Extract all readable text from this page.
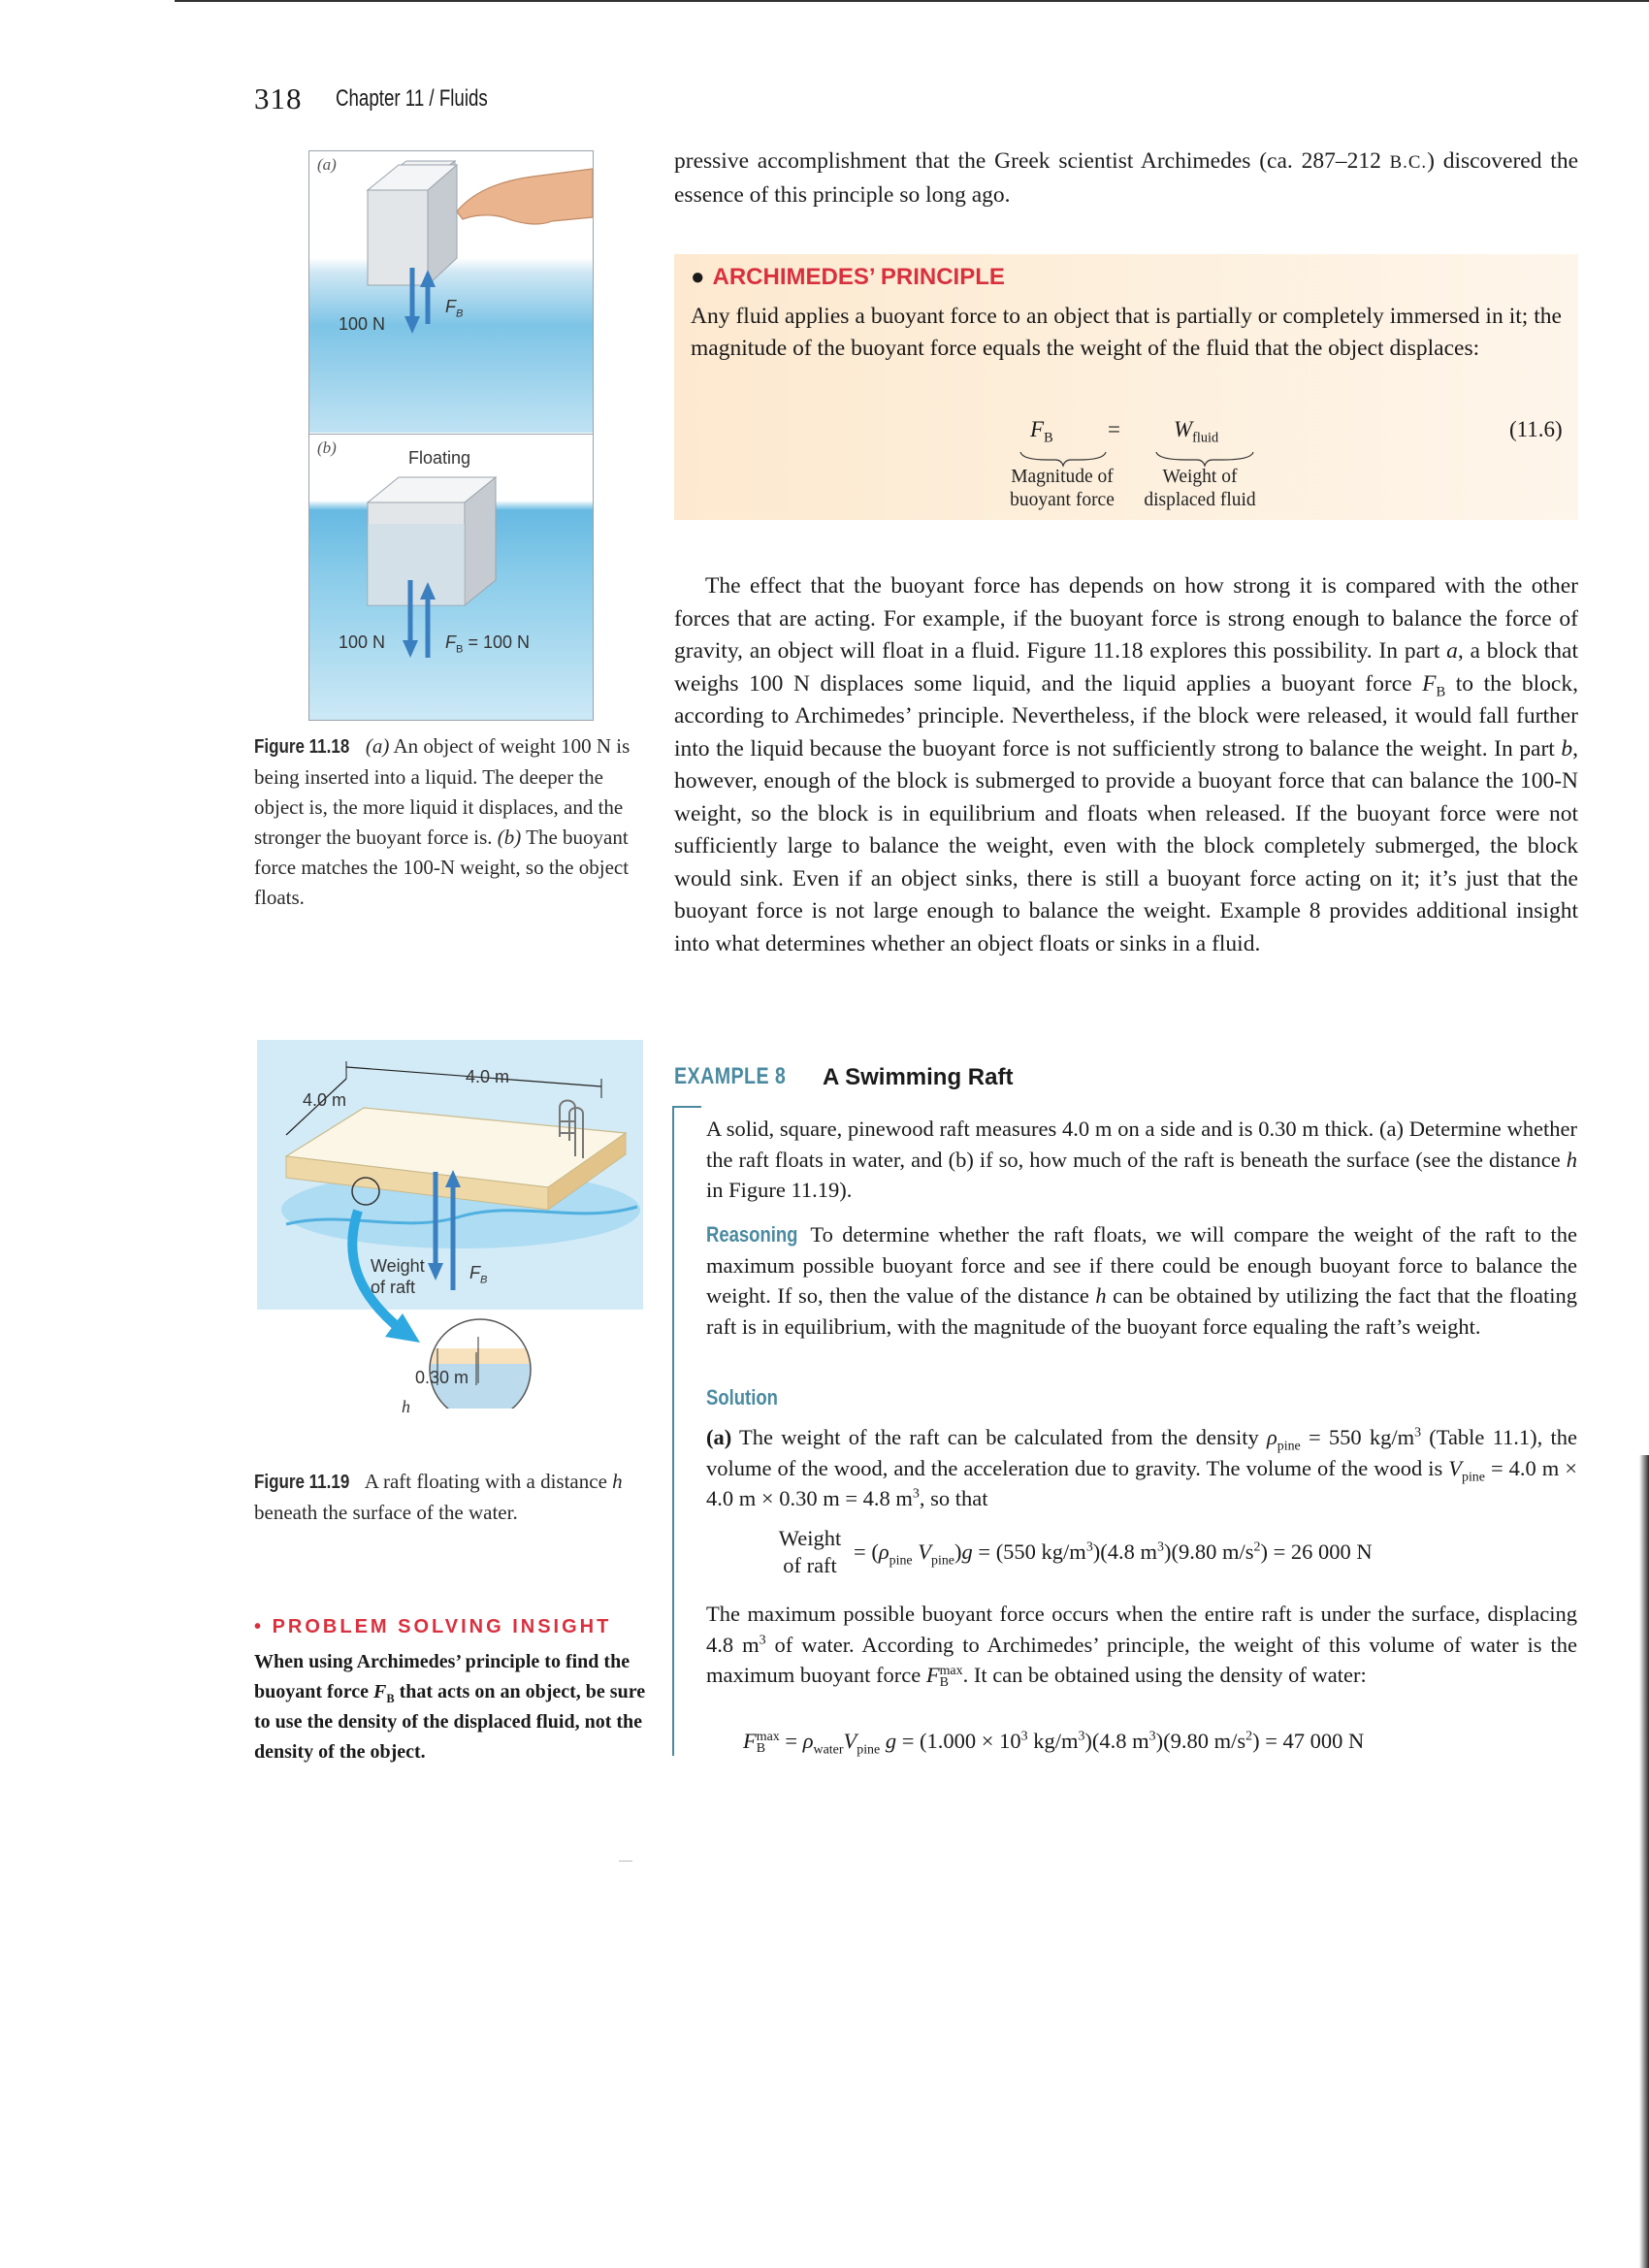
318 Chapter 11 / Fluids
(a)
100 N
$F_B$
(b)
Floating
100 N	$F_B = 100$ N
Figure 11.18 (a) An object of weight 100 N is being inserted into a liquid. The deeper the object is, the more liquid it displaces, and the stronger the buoyant force is. (b) The buoyant force matches the 100-N weight, so the object floats.
4.0 m
4.0 m
Weight
of raft
$F_B$
0.30 m
h
Figure 11.19 A raft floating with a distance h beneath the surface of the water.
• PROBLEM SOLVING INSIGHT
When using Archimedes’ principle to find the buoyant force $F_B$ that acts on an object, be sure to use the density of the displaced fluid, not the density of the object.
pressive accomplishment that the Greek scientist Archimedes (ca. 287–212 B.C.) discovered the essence of this principle so long ago.
● ARCHIMEDES’ PRINCIPLE
Any fluid applies a buoyant force to an object that is partially or completely immersed in it; the magnitude of the buoyant force equals the weight of the fluid that the object displaces:
$F_B = W_{fluid}$	(11.6)
Magnitude of
buoyant force
Weight of
displaced fluid
The effect that the buoyant force has depends on how strong it is compared with the other forces that are acting. For example, if the buoyant force is strong enough to balance the force of gravity, an object will float in a fluid. Figure 11.18 explores this possibility. In part a, a block that weighs 100 N displaces some liquid, and the liquid applies a buoyant force $F_B$ to the block, according to Archimedes’ principle. Nevertheless, if the block were released, it would fall further into the liquid because the buoyant force is not sufficiently strong to balance the weight. In part b, however, enough of the block is submerged to provide a buoyant force that can balance the 100-N weight, so the block is in equilibrium and floats when released. If the buoyant force were not sufficiently large to balance the weight, even with the block completely submerged, the block would sink. Even if an object sinks, there is still a buoyant force acting on it; it’s just that the buoyant force is not large enough to balance the weight. Example 8 provides additional insight into what determines whether an object floats or sinks in a fluid.
EXAMPLE 8 A Swimming Raft
A solid, square, pinewood raft measures 4.0 m on a side and is 0.30 m thick. (a) Determine whether the raft floats in water, and (b) if so, how much of the raft is beneath the surface (see the distance h in Figure 11.19).
Reasoning To determine whether the raft floats, we will compare the weight of the raft to the maximum possible buoyant force and see if there could be enough buoyant force to balance the weight. If so, then the value of the distance h can be obtained by utilizing the fact that the floating raft is in equilibrium, with the magnitude of the buoyant force equaling the raft’s weight.
Solution
(a) The weight of the raft can be calculated from the density $\rho_{pine} = 550$ $kg/m^3$ (Table 11.1), the volume of the wood, and the acceleration due to gravity. The volume of the wood is $V_{pine} = 4.0$ m × 4.0 m × 0.30 m = 4.8 $m^3$, so that
Weight
of raft
= ($\rho_{pine}$ $V_{pine})g = (550$ $kg/m^3)(4.8$ $m^3)(9.80$ $m/s^2) = 26$ 000 N
The maximum possible buoyant force occurs when the entire raft is under the surface, displacing 4.8 $m^3$ of water. According to Archimedes’ principle, the weight of this volume of water is the maximum buoyant force Fmax
B . It can be obtained using the density of water:
Fmax
$B = \rho_{water}V_{pine}$ $g = (1.000 \times 10^3$ $kg/m^3)(4.8$ $m^3)(9.80$ $m/s^2) = 47$ 000 N
